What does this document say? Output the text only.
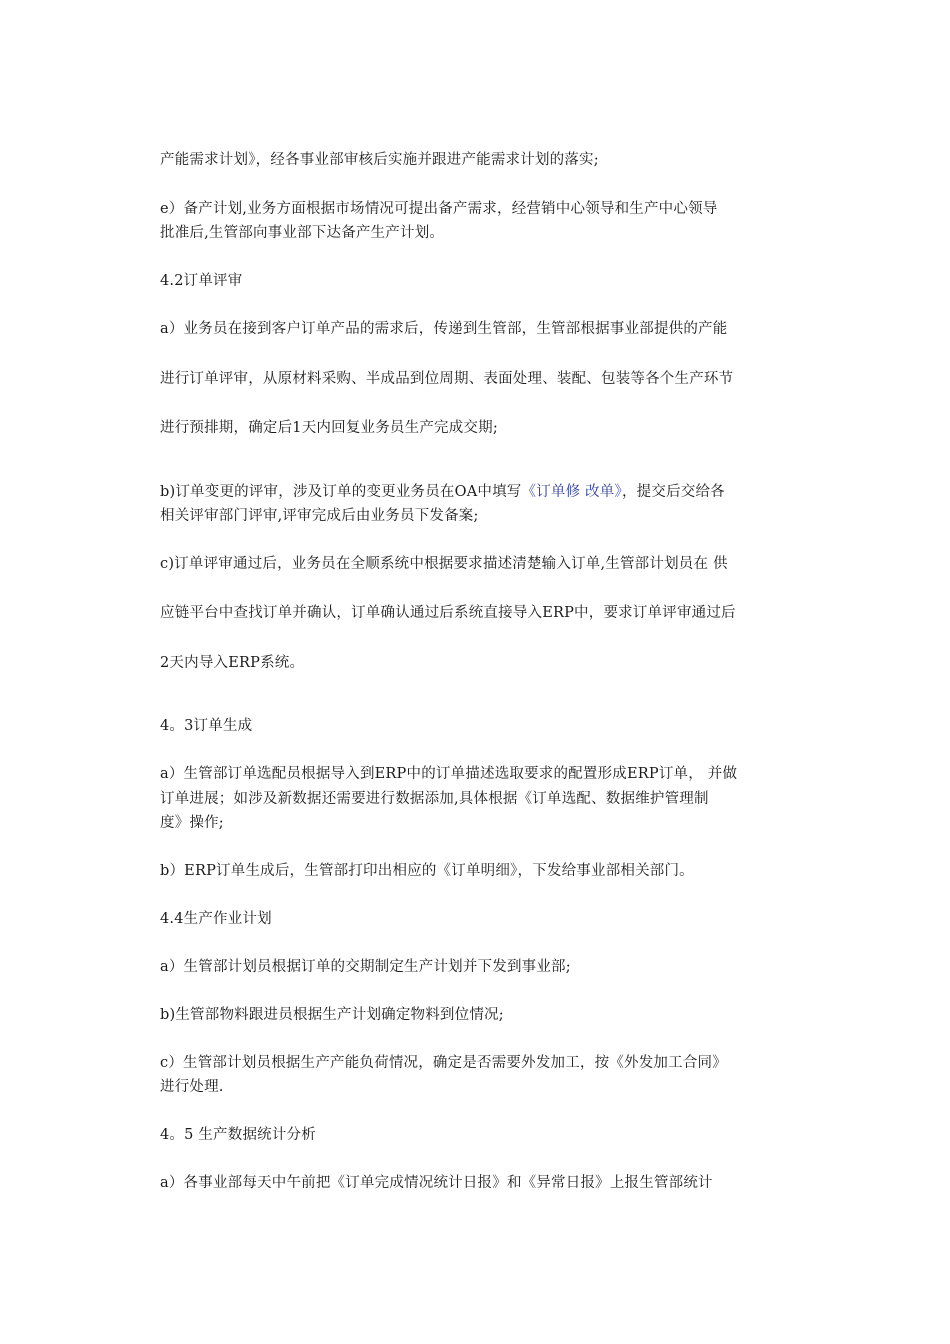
产能需求计划》，经各事业部审核后实施并跟进产能需求计划的落实;
e）备产计划,业务方面根据市场情况可提出备产需求，经营销中心领导和生产中心领导
批准后,生管部向事业部下达备产生产计划。
4.2订单评审
a）业务员在接到客户订单产品的需求后，传递到生管部，生管部根据事业部提供的产能
进行订单评审，从原材料采购、半成品到位周期、表面处理、装配、包装等各个生产环节
进行预排期，确定后1天内回复业务员生产完成交期;
b)订单变更的评审，涉及订单的变更业务员在OA中填写《订单修 改单》，提交后交给各
相关评审部门评审,评审完成后由业务员下发备案;
c)订单评审通过后，业务员在全顺系统中根据要求描述清楚输入订单,生管部计划员在 供
应链平台中查找订单并确认，订单确认通过后系统直接导入ERP中，要求订单评审通过后
2天内导入ERP系统。
4。3订单生成
a）生管部订单选配员根据导入到ERP中的订单描述选取要求的配置形成ERP订单， 并做
订单进展；如涉及新数据还需要进行数据添加,具体根据《订单选配、数据维护管理制
度》操作;
b）ERP订单生成后，生管部打印出相应的《订单明细》，下发给事业部相关部门。
4.4生产作业计划
a）生管部计划员根据订单的交期制定生产计划并下发到事业部;
b)生管部物料跟进员根据生产计划确定物料到位情况;
c）生管部计划员根据生产产能负荷情况，确定是否需要外发加工，按《外发加工合同》
进行处理.
4。5 生产数据统计分析
a）各事业部每天中午前把《订单完成情况统计日报》和《异常日报》上报生管部统计
